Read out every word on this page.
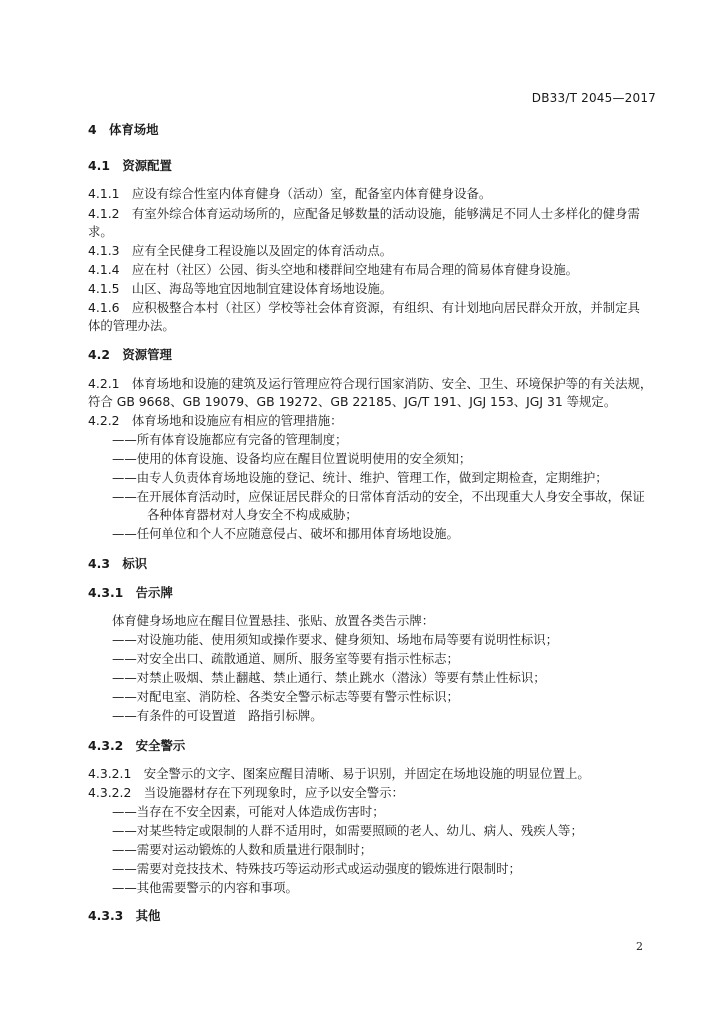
DB33/T 2045—2017
4　体育场地
4.1　资源配置
4.1.1　应设有综合性室内体育健身（活动）室，配备室内体育健身设备。
4.1.2　有室外综合体育运动场所的，应配备足够数量的活动设施，能够满足不同人士多样化的健身需
求。
4.1.3　应有全民健身工程设施以及固定的体育活动点。
4.1.4　应在村（社区）公园、街头空地和楼群间空地建有布局合理的简易体育健身设施。
4.1.5　山区、海岛等地宜因地制宜建设体育场地设施。
4.1.6　应积极整合本村（社区）学校等社会体育资源，有组织、有计划地向居民群众开放，并制定具
体的管理办法。
4.2　资源管理
4.2.1　体育场地和设施的建筑及运行管理应符合现行国家消防、安全、卫生、环境保护等的有关法规，
符合 GB 9668、GB 19079、GB 19272、GB 22185、JG/T 191、JGJ 153、JGJ 31 等规定。
4.2.2　体育场地和设施应有相应的管理措施：
——所有体育设施都应有完备的管理制度；
——使用的体育设施、设备均应在醒目位置说明使用的安全须知；
——由专人负责体育场地设施的登记、统计、维护、管理工作，做到定期检查，定期维护；
——在开展体育活动时，应保证居民群众的日常体育活动的安全，不出现重大人身安全事故，保证
各种体育器材对人身安全不构成威胁；
——任何单位和个人不应随意侵占、破坏和挪用体育场地设施。
4.3　标识
4.3.1　告示牌
体育健身场地应在醒目位置悬挂、张贴、放置各类告示牌：
——对设施功能、使用须知或操作要求、健身须知、场地布局等要有说明性标识；
——对安全出口、疏散通道、厕所、服务室等要有指示性标志；
——对禁止吸烟、禁止翻越、禁止通行、禁止跳水（潜泳）等要有禁止性标识；
——对配电室、消防栓、各类安全警示标志等要有警示性标识；
——有条件的可设置道　路指引标牌。
4.3.2　安全警示
4.3.2.1　安全警示的文字、图案应醒目清晰、易于识别，并固定在场地设施的明显位置上。
4.3.2.2　当设施器材存在下列现象时，应予以安全警示：
——当存在不安全因素，可能对人体造成伤害时；
——对某些特定或限制的人群不适用时，如需要照顾的老人、幼儿、病人、残疾人等；
——需要对运动锻炼的人数和质量进行限制时；
——需要对竞技技术、特殊技巧等运动形式或运动强度的锻炼进行限制时；
——其他需要警示的内容和事项。
4.3.3　其他
2
